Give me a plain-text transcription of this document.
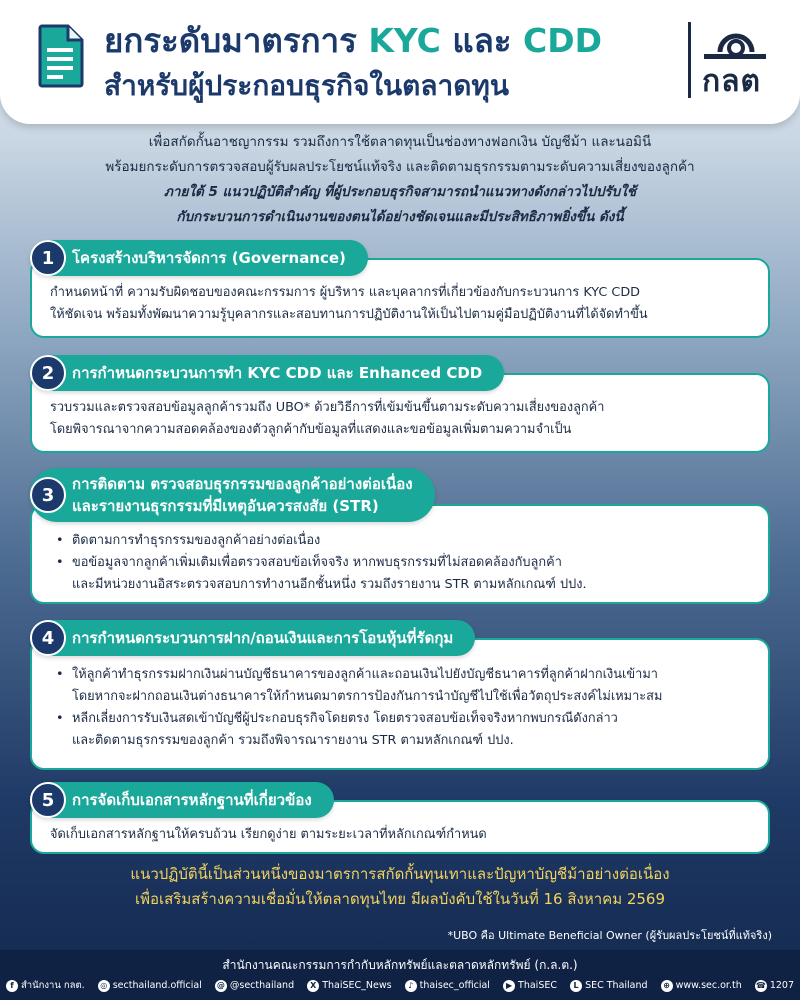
ยกระดับมาตรการ KYC และ CDD
สำหรับผู้ประกอบธุรกิจในตลาดทุน	กลต
เพื่อสกัดกั้นอาชญากรรม รวมถึงการใช้ตลาดทุนเป็นช่องทางฟอกเงิน บัญชีม้า และนอมินี
พร้อมยกระดับการตรวจสอบผู้รับผลประโยชน์แท้จริง และติดตามธุรกรรมตามระดับความเสี่ยงของลูกค้า
ภายใต้ 5 แนวปฏิบัติสำคัญ ที่ผู้ประกอบธุรกิจสามารถนำแนวทางดังกล่าวไปปรับใช้
กับกระบวนการดำเนินงานของตนได้อย่างชัดเจนและมีประสิทธิภาพยิ่งขึ้น ดังนี้
1	โครงสร้างบริหารจัดการ (Governance)
กำหนดหน้าที่ ความรับผิดชอบของคณะกรรมการ ผู้บริหาร และบุคลากรที่เกี่ยวข้องกับกระบวนการ KYC CDD
ให้ชัดเจน พร้อมทั้งพัฒนาความรู้บุคลากรและสอบทานการปฏิบัติงานให้เป็นไปตามคู่มือปฏิบัติงานที่ได้จัดทำขึ้น
2	การกำหนดกระบวนการทำ KYC CDD และ Enhanced CDD
รวบรวมและตรวจสอบข้อมูลลูกค้ารวมถึง UBO* ด้วยวิธีการที่เข้มข้นขึ้นตามระดับความเสี่ยงของลูกค้า
โดยพิจารณาจากความสอดคล้องของตัวลูกค้ากับข้อมูลที่แสดงและขอข้อมูลเพิ่มตามความจำเป็น
3
การติดตาม ตรวจสอบธุรกรรมของลูกค้าอย่างต่อเนื่อง
และรายงานธุรกรรมที่มีเหตุอันควรสงสัย (STR)
• ติดตามการทำธุรกรรมของลูกค้าอย่างต่อเนื่อง
• ขอข้อมูลจากลูกค้าเพิ่มเติมเพื่อตรวจสอบข้อเท็จจริง หากพบธุรกรรมที่ไม่สอดคล้องกับลูกค้า
และมีหน่วยงานอิสระตรวจสอบการทำงานอีกชั้นหนึ่ง รวมถึงรายงาน STR ตามหลักเกณฑ์ ปปง.
4	การกำหนดกระบวนการฝาก/ถอนเงินและการโอนหุ้นที่รัดกุม
• ให้ลูกค้าทำธุรกรรมฝากเงินผ่านบัญชีธนาคารของลูกค้าและถอนเงินไปยังบัญชีธนาคารที่ลูกค้าฝากเงินเข้ามา
โดยหากจะฝากถอนเงินต่างธนาคารให้กำหนดมาตรการป้องกันการนำบัญชีไปใช้เพื่อวัตถุประสงค์ไม่เหมาะสม
• หลีกเลี่ยงการรับเงินสดเข้าบัญชีผู้ประกอบธุรกิจโดยตรง โดยตรวจสอบข้อเท็จจริงหากพบกรณีดังกล่าว
และติดตามธุรกรรมของลูกค้า รวมถึงพิจารณารายงาน STR ตามหลักเกณฑ์ ปปง.
5	การจัดเก็บเอกสารหลักฐานที่เกี่ยวข้อง
จัดเก็บเอกสารหลักฐานให้ครบถ้วน เรียกดูง่าย ตามระยะเวลาที่หลักเกณฑ์กำหนด
แนวปฏิบัตินี้เป็นส่วนหนึ่งของมาตรการสกัดกั้นทุนเทาและปัญหาบัญชีม้าอย่างต่อเนื่อง
เพื่อเสริมสร้างความเชื่อมั่นให้ตลาดทุนไทย มีผลบังคับใช้ในวันที่ 16 สิงหาคม 2569
*UBO คือ Ultimate Beneficial Owner (ผู้รับผลประโยชน์ที่แท้จริง)
สำนักงานคณะกรรมการกำกับหลักทรัพย์และตลาดหลักทรัพย์ (ก.ล.ต.)
f สำนักงาน กลต.	◎ secthailand.official @ @secthailand	X ThaiSEC_News	♪ thaisec_official	▶ ThaiSEC	L SEC Thailand	⊕ www.sec.or.th ☎ 1207
